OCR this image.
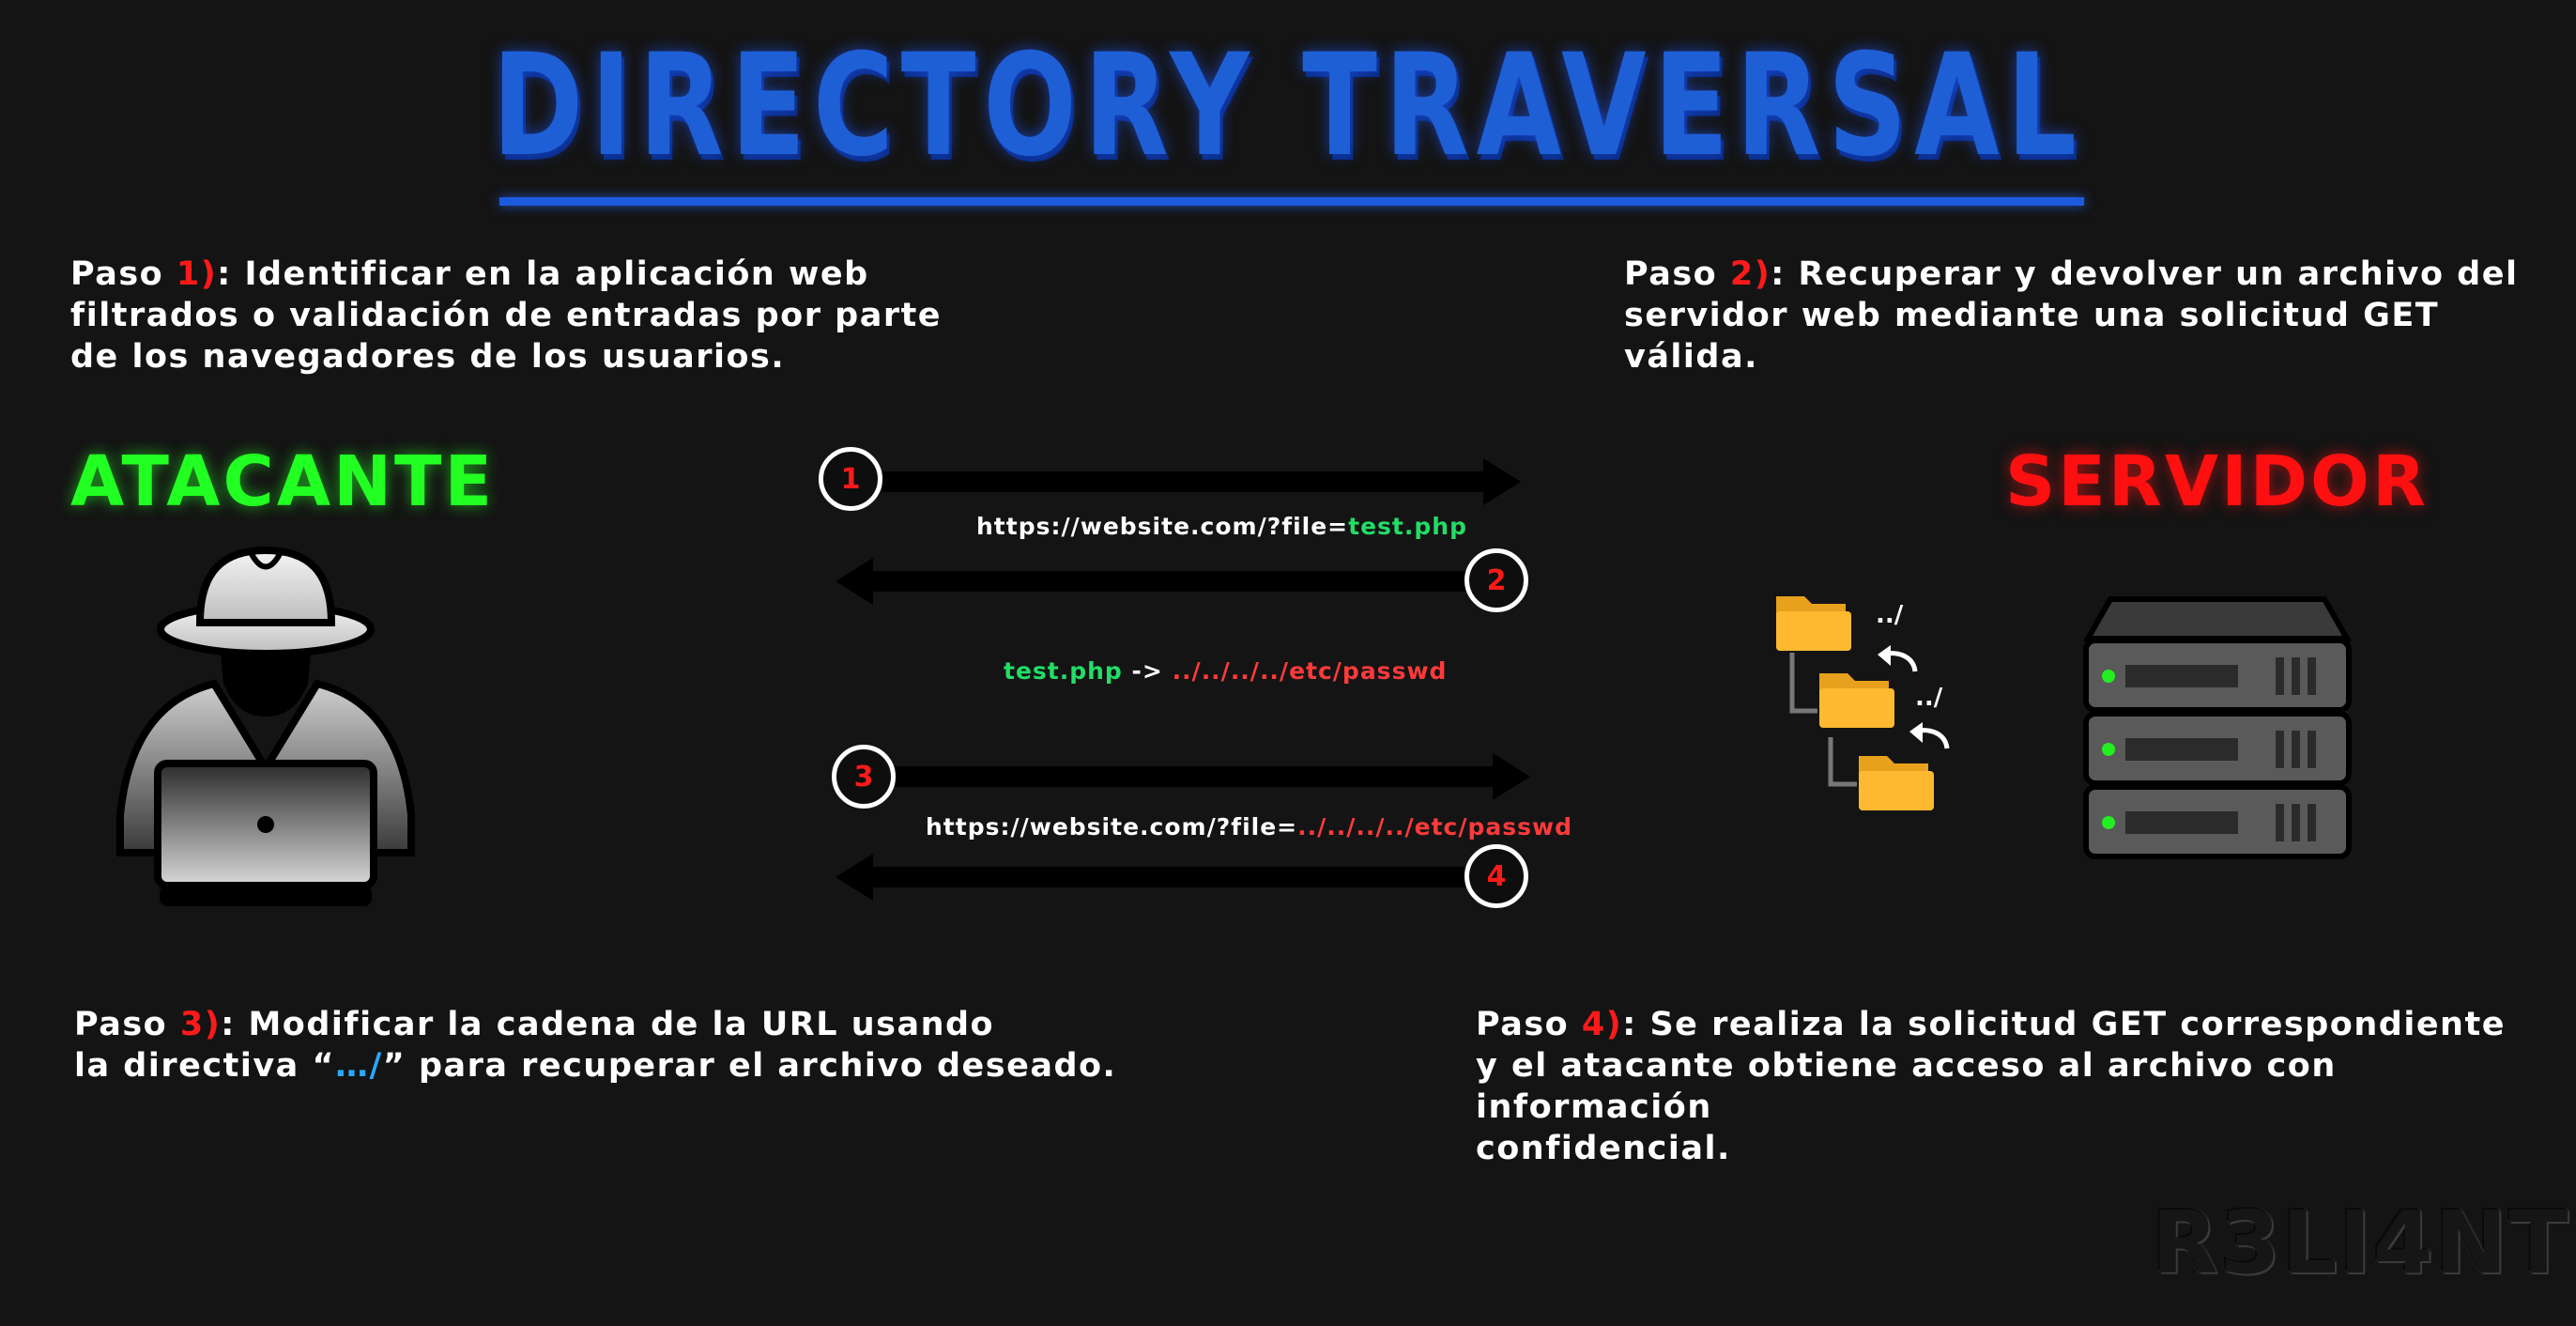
DIRECTORY TRAVERSAL
Paso 1): Identificar en la aplicación web
filtrados o validación de entradas por parte
de los navegadores de los usuarios.
Paso 2): Recuperar y devolver un archivo del
servidor web mediante una solicitud GET válida.
Paso 3): Modificar la cadena de la URL usando
la directiva “…/” para recuperar el archivo deseado.
Paso 4): Se realiza la solicitud GET correspondiente
y el atacante obtiene acceso al archivo con información
confidencial.
ATACANTE	SERVIDOR
1
2
3
4
https://website.com/?file=test.php
test.php -> ../../../../etc/passwd
https://website.com/?file=../../../../etc/passwd
../
../
R3LI4NT
